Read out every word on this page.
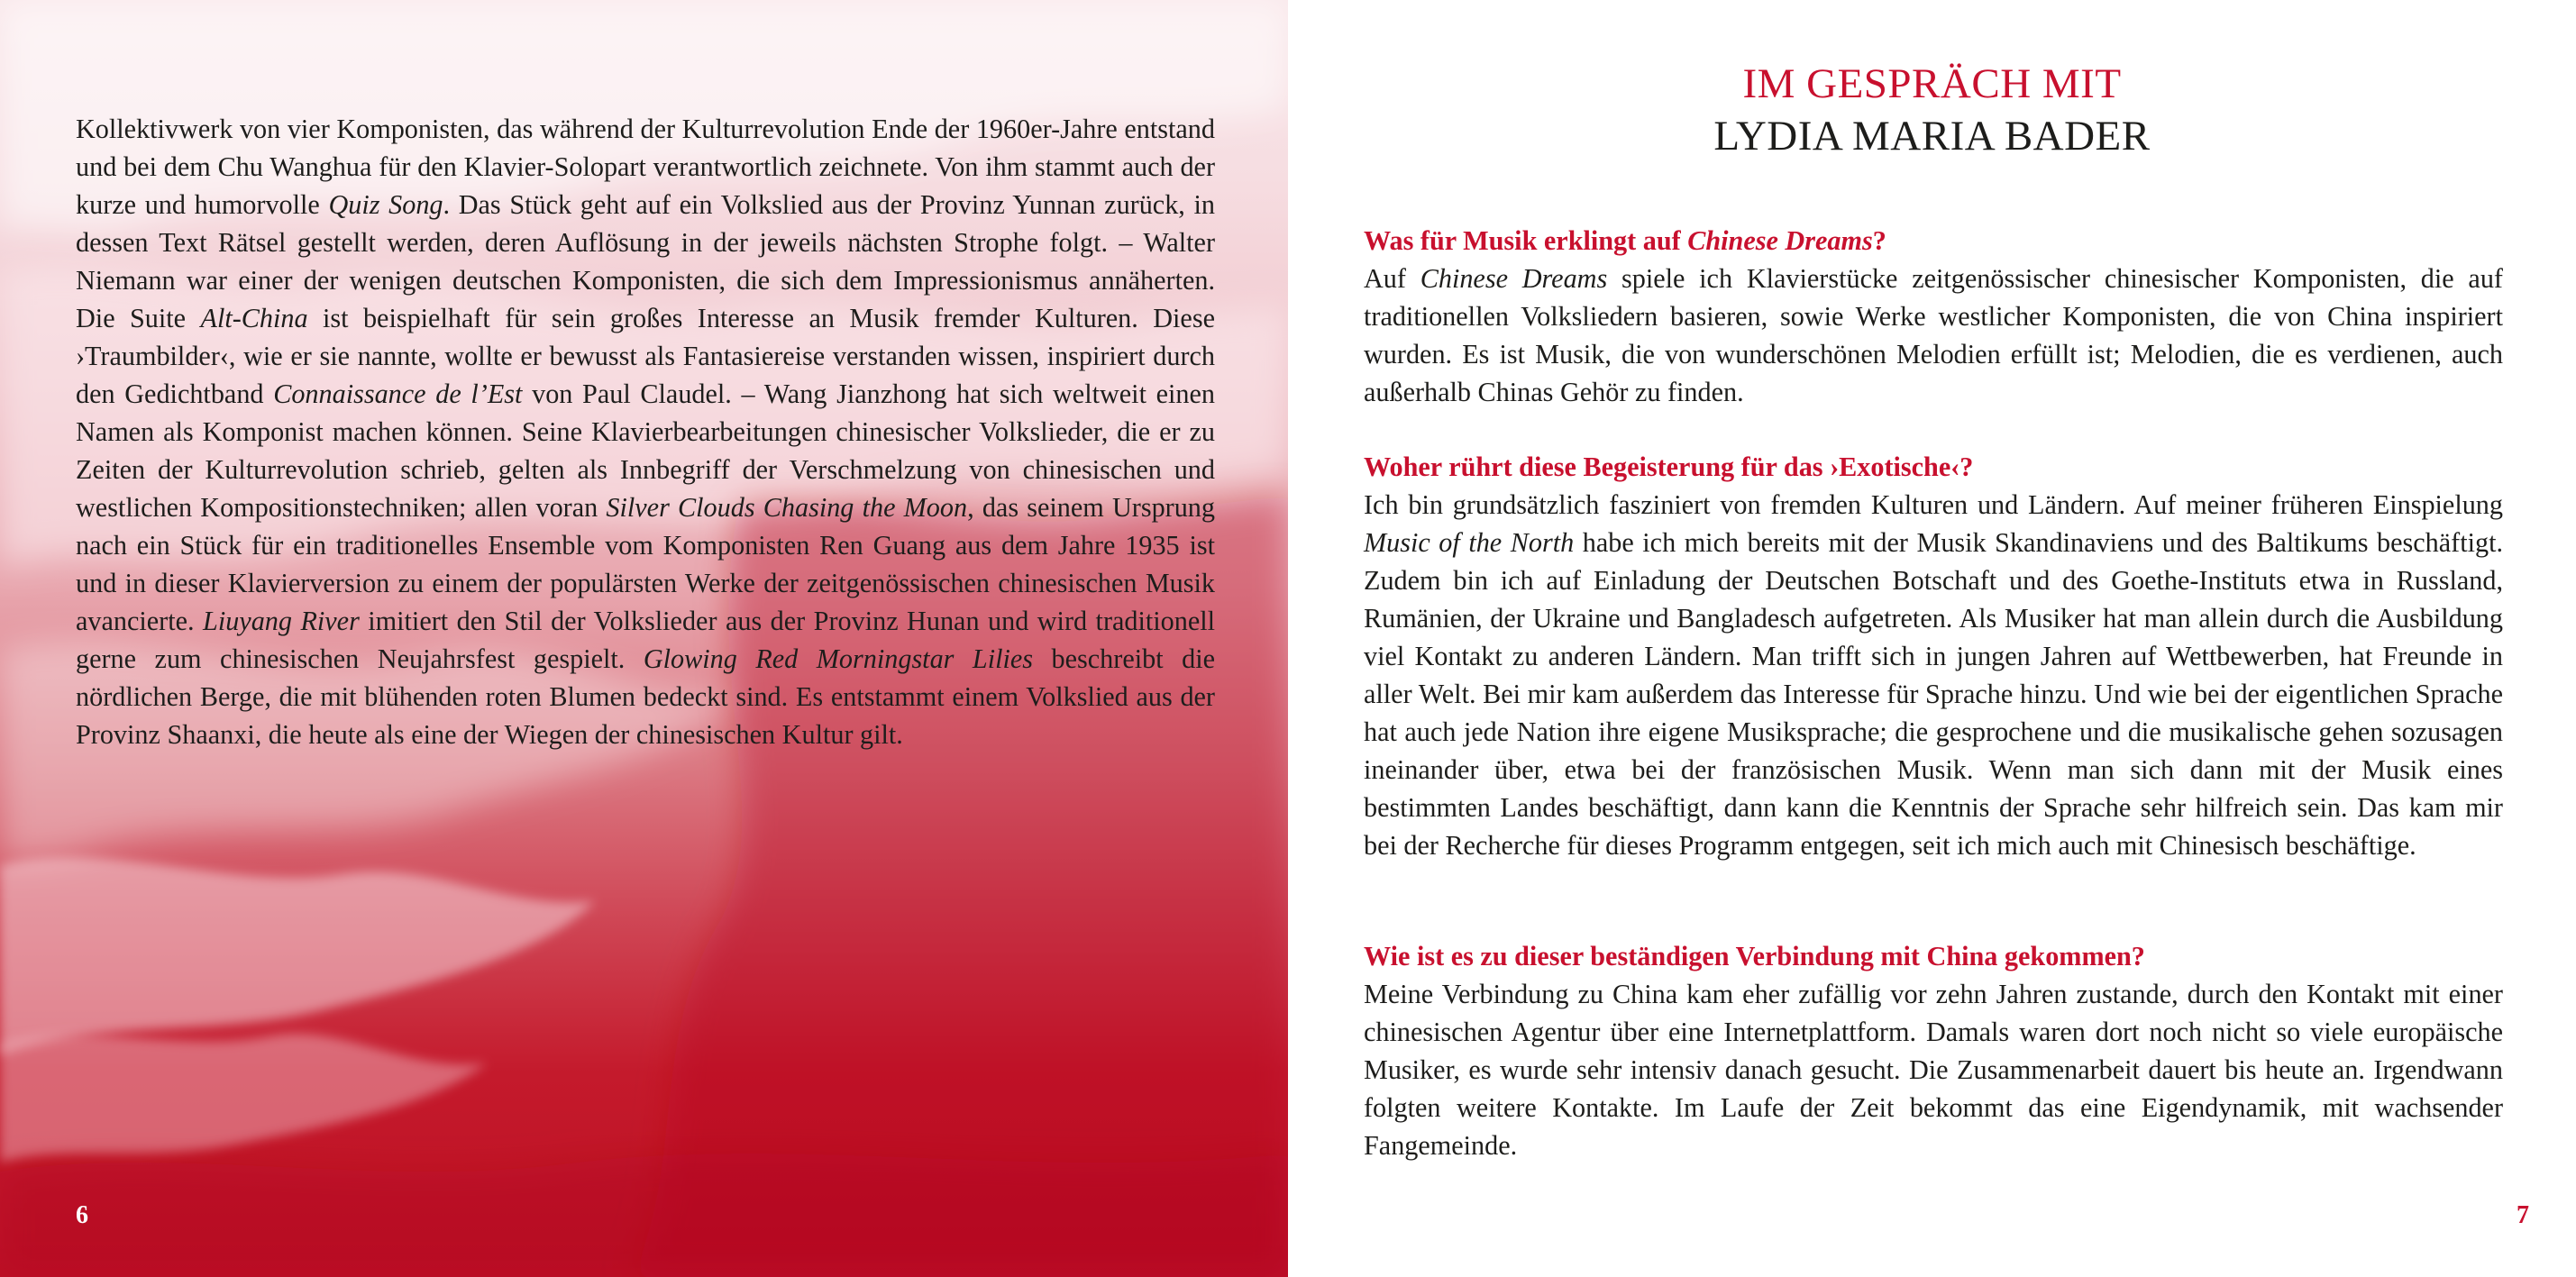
Kollektivwerk von vier Komponisten, das während der Kulturrevolution Ende der 1960er-Jahre entstand und bei dem Chu Wanghua für den Klavier-Solopart verantwortlich zeichnete. Von ihm stammt auch der kurze und humorvolle Quiz Song. Das Stück geht auf ein Volkslied aus der Provinz Yunnan zurück, in dessen Text Rätsel gestellt werden, deren Auflösung in der jeweils nächsten Strophe folgt. – Walter Niemann war einer der wenigen deutschen Komponisten, die sich dem Impressionismus annäherten. Die Suite Alt-China ist beispielhaft für sein großes Interesse an Musik fremder Kulturen. Diese ›Traumbilder‹, wie er sie nannte, wollte er bewusst als Fantasiereise verstanden wissen, inspiriert durch den Gedichtband Connaissance de l’Est von Paul Claudel. – Wang Jianzhong hat sich weltweit einen Namen als Komponist machen können. Seine Klavierbearbeitungen chinesischer Volkslieder, die er zu Zeiten der Kulturrevolution schrieb, gelten als Innbegriff der Verschmelzung von chinesischen und westlichen Kompositionstechniken; allen voran Silver Clouds Chasing the Moon, das seinem Ursprung nach ein Stück für ein traditionelles Ensemble vom Komponisten Ren Guang aus dem Jahre 1935 ist und in dieser Klavierversion zu einem der populärsten Werke der zeitgenössischen chinesischen Musik avancierte. Liuyang River imitiert den Stil der Volkslieder aus der Provinz Hunan und wird traditionell gerne zum chinesischen Neujahrsfest gespielt. Glowing Red Morningstar Lilies beschreibt die nördlichen Berge, die mit blühenden roten Blumen bedeckt sind. Es entstammt einem Volkslied aus der Provinz Shaanxi, die heute als eine der Wiegen der chinesischen Kultur gilt.

6
IM GESPRÄCH MIT
LYDIA MARIA BADER

Was für Musik erklingt auf Chinese Dreams?

Auf Chinese Dreams spiele ich Klavierstücke zeitgenössischer chinesischer Komponisten, die auf traditionellen Volksliedern basieren, sowie Werke westlicher Komponisten, die von China inspiriert wurden. Es ist Musik, die von wunderschönen Melodien erfüllt ist; Melodien, die es verdienen, auch außerhalb Chinas Gehör zu finden.

Woher rührt diese Begeisterung für das ›Exotische‹?

Ich bin grundsätzlich fasziniert von fremden Kulturen und Ländern. Auf meiner früheren Einspielung Music of the North habe ich mich bereits mit der Musik Skandinaviens und des Baltikums beschäftigt. Zudem bin ich auf Einladung der Deutschen Botschaft und des Goethe-Instituts etwa in Russland, Rumänien, der Ukraine und Bangladesch aufgetreten. Als Musiker hat man allein durch die Ausbildung viel Kontakt zu anderen Ländern. Man trifft sich in jungen Jahren auf Wettbewerben, hat Freunde in aller Welt. Bei mir kam außerdem das Interesse für Sprache hinzu. Und wie bei der eigentlichen Sprache hat auch jede Nation ihre eigene Musiksprache; die gesprochene und die musikalische gehen sozusagen ineinander über, etwa bei der französischen Musik. Wenn man sich dann mit der Musik eines bestimmten Landes beschäftigt, dann kann die Kenntnis der Sprache sehr hilfreich sein. Das kam mir bei der Recherche für dieses Programm entgegen, seit ich mich auch mit Chinesisch beschäftige.

Wie ist es zu dieser beständigen Verbindung mit China gekommen?

Meine Verbindung zu China kam eher zufällig vor zehn Jahren zustande, durch den Kontakt mit einer chinesischen Agentur über eine Internetplattform. Damals waren dort noch nicht so viele europäische Musiker, es wurde sehr intensiv danach gesucht. Die Zusammenarbeit dauert bis heute an. Irgendwann folgten weitere Kontakte. Im Laufe der Zeit bekommt das eine Eigendynamik, mit wachsender Fangemeinde.

7
